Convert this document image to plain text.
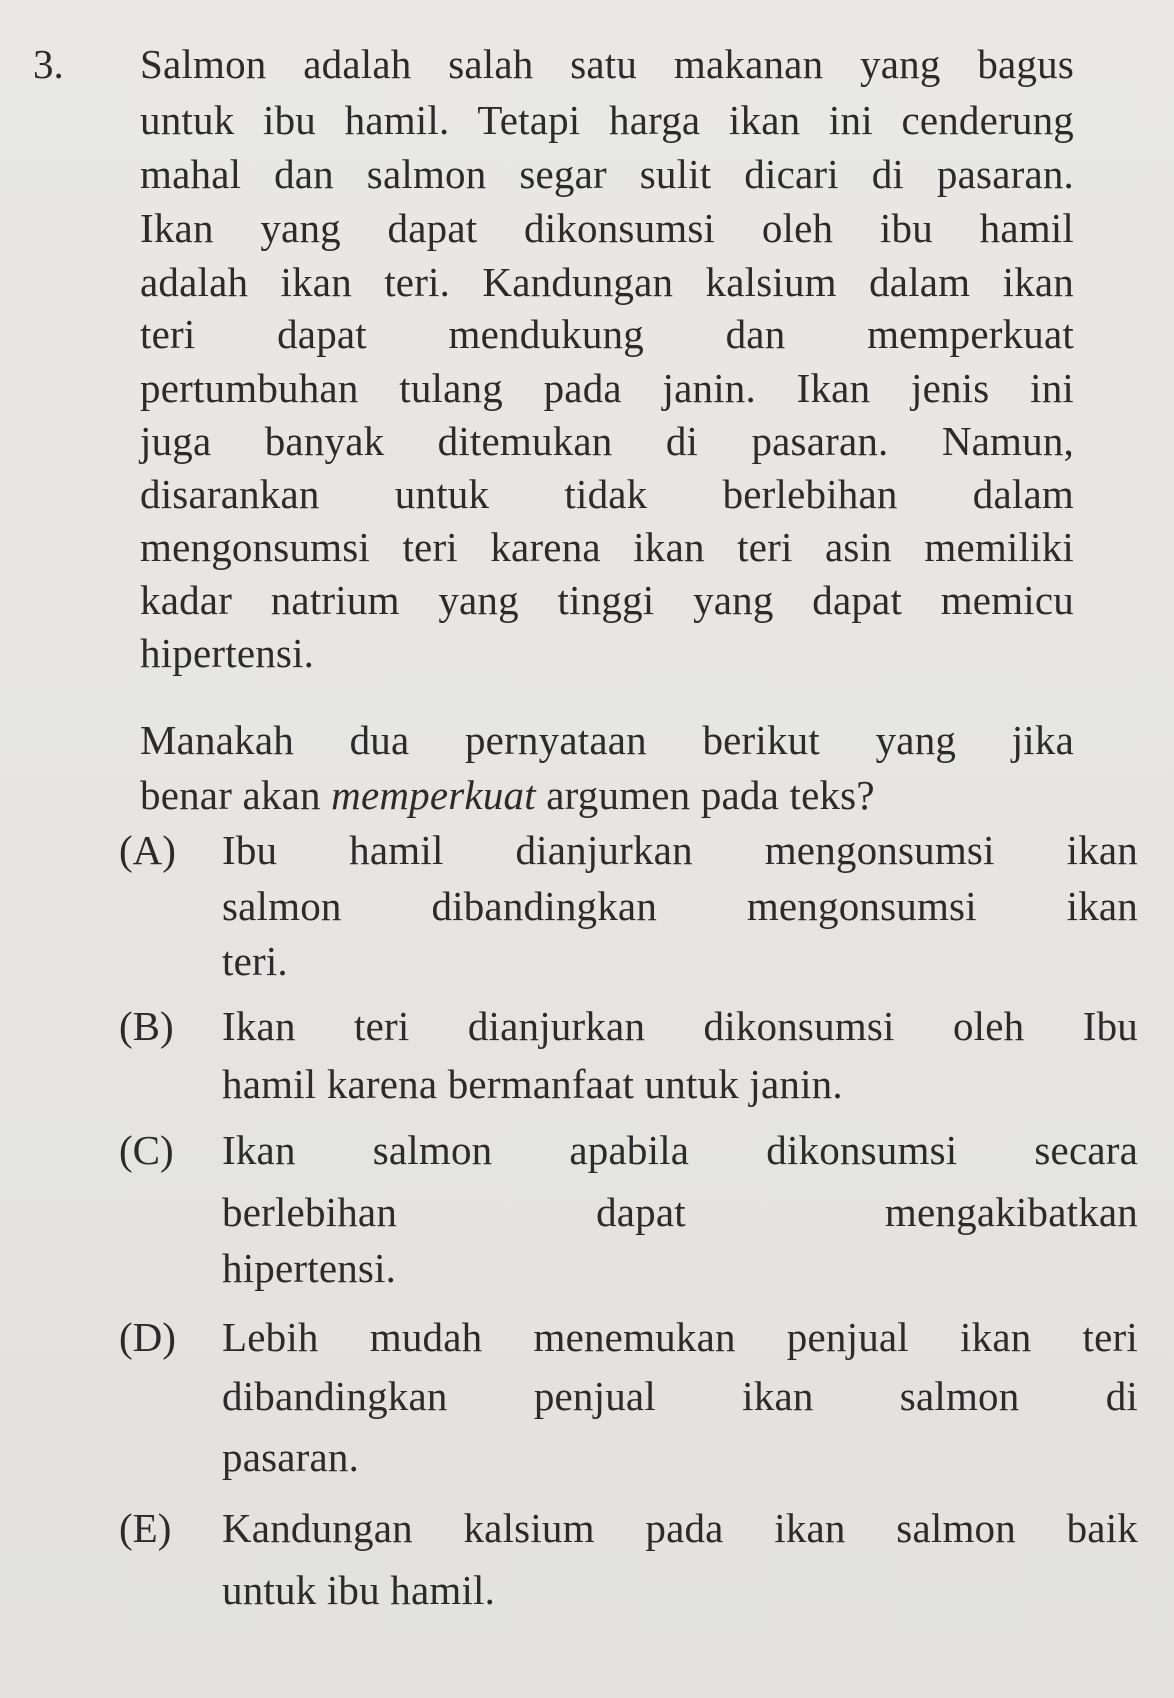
3. Salmon adalah salah satu makanan yang bagus
untuk ibu hamil. Tetapi harga ikan ini cenderung
mahal dan salmon segar sulit dicari di pasaran.
Ikan yang dapat dikonsumsi oleh ibu hamil
adalah ikan teri. Kandungan kalsium dalam ikan
teri dapat mendukung dan memperkuat
pertumbuhan tulang pada janin. Ikan jenis ini
juga banyak ditemukan di pasaran. Namun,
disarankan untuk tidak berlebihan dalam
mengonsumsi teri karena ikan teri asin memiliki
kadar natrium yang tinggi yang dapat memicu
hipertensi.
Manakah dua pernyataan berikut yang jika
benar akan memperkuat argumen pada teks?
(A) Ibu hamil dianjurkan mengonsumsi ikan
salmon dibandingkan mengonsumsi ikan
teri.
(B) Ikan teri dianjurkan dikonsumsi oleh Ibu
hamil karena bermanfaat untuk janin.
(C) Ikan salmon apabila dikonsumsi secara
berlebihan dapat mengakibatkan
hipertensi.
(D) Lebih mudah menemukan penjual ikan teri
dibandingkan penjual ikan salmon di
pasaran.
(E) Kandungan kalsium pada ikan salmon baik
untuk ibu hamil.
